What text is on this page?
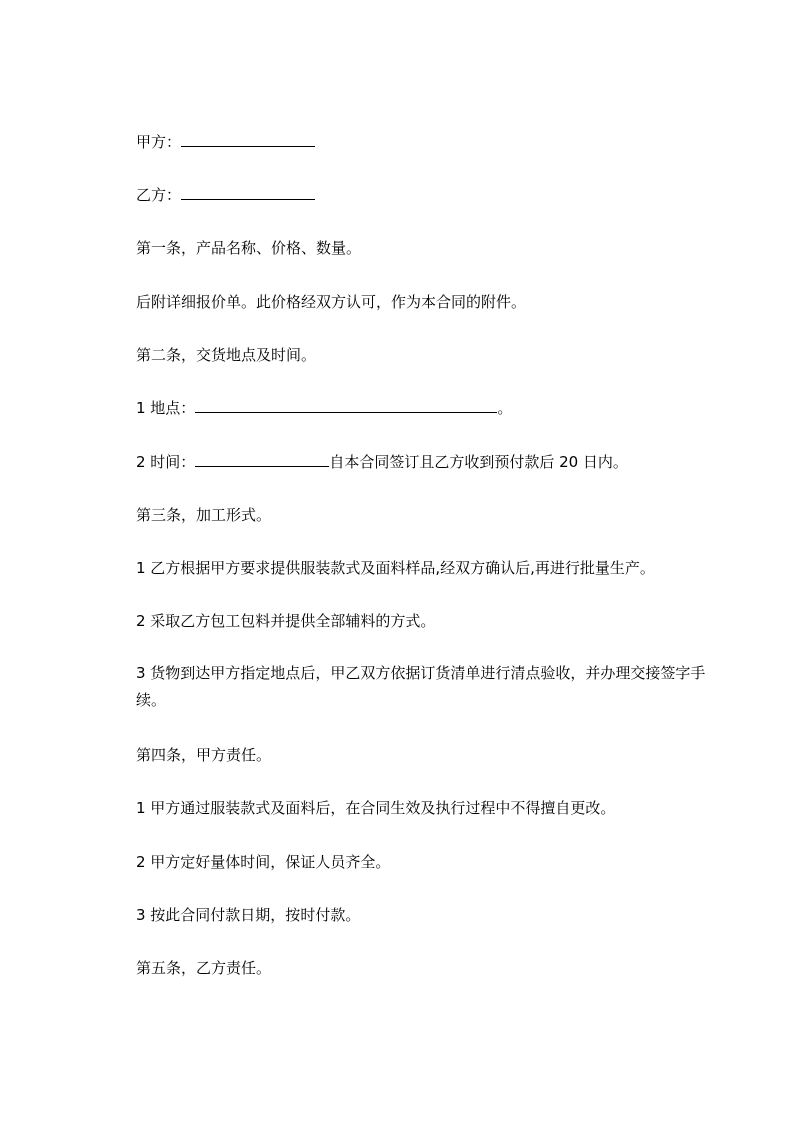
甲方：
乙方：
第一条，产品名称、价格、数量。
后附详细报价单。此价格经双方认可，作为本合同的附件。
第二条，交货地点及时间。
1 地点：	。
2 时间：	自本合同签订且乙方收到预付款后 20 日内。
第三条，加工形式。
1 乙方根据甲方要求提供服装款式及面料样品,经双方确认后,再进行批量生产。
2 采取乙方包工包料并提供全部辅料的方式。
3 货物到达甲方指定地点后，甲乙双方依据订货清单进行清点验收，并办理交接签字手续。
第四条，甲方责任。
1 甲方通过服装款式及面料后，在合同生效及执行过程中不得擅自更改。
2 甲方定好量体时间，保证人员齐全。
3 按此合同付款日期，按时付款。
第五条，乙方责任。
